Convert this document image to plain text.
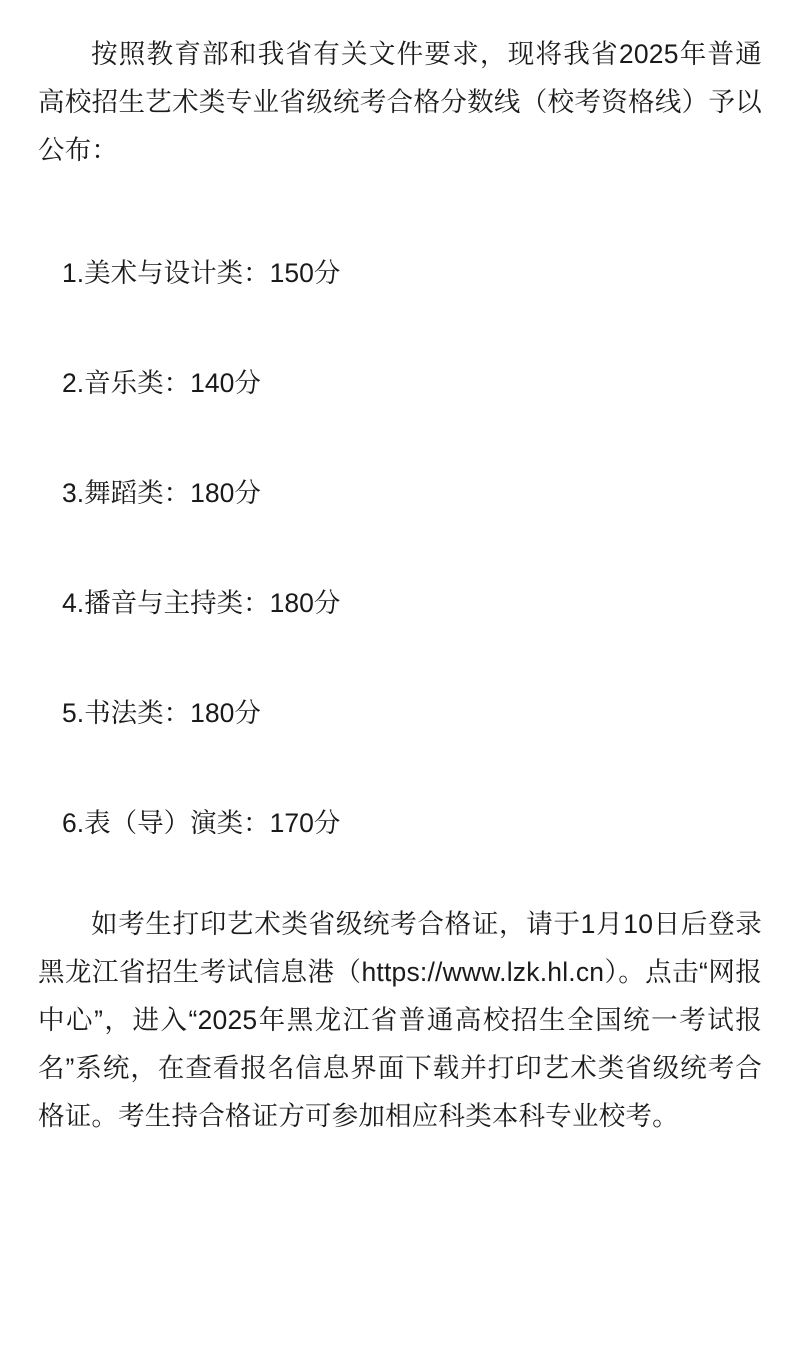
按照教育部和我省有关文件要求，现将我省2025年普通高校招生艺术类专业省级统考合格分数线（校考资格线）予以公布：

1.美术与设计类：150分
2.音乐类：140分
3.舞蹈类：180分
4.播音与主持类：180分
5.书法类：180分
6.表（导）演类：170分

如考生打印艺术类省级统考合格证，请于1月10日后登录黑龙江省招生考试信息港（https://www.lzk.hl.cn）。点击“网报中心”，进入“2025年黑龙江省普通高校招生全国统一考试报名”系统，在查看报名信息界面下载并打印艺术类省级统考合格证。考生持合格证方可参加相应科类本科专业校考。
